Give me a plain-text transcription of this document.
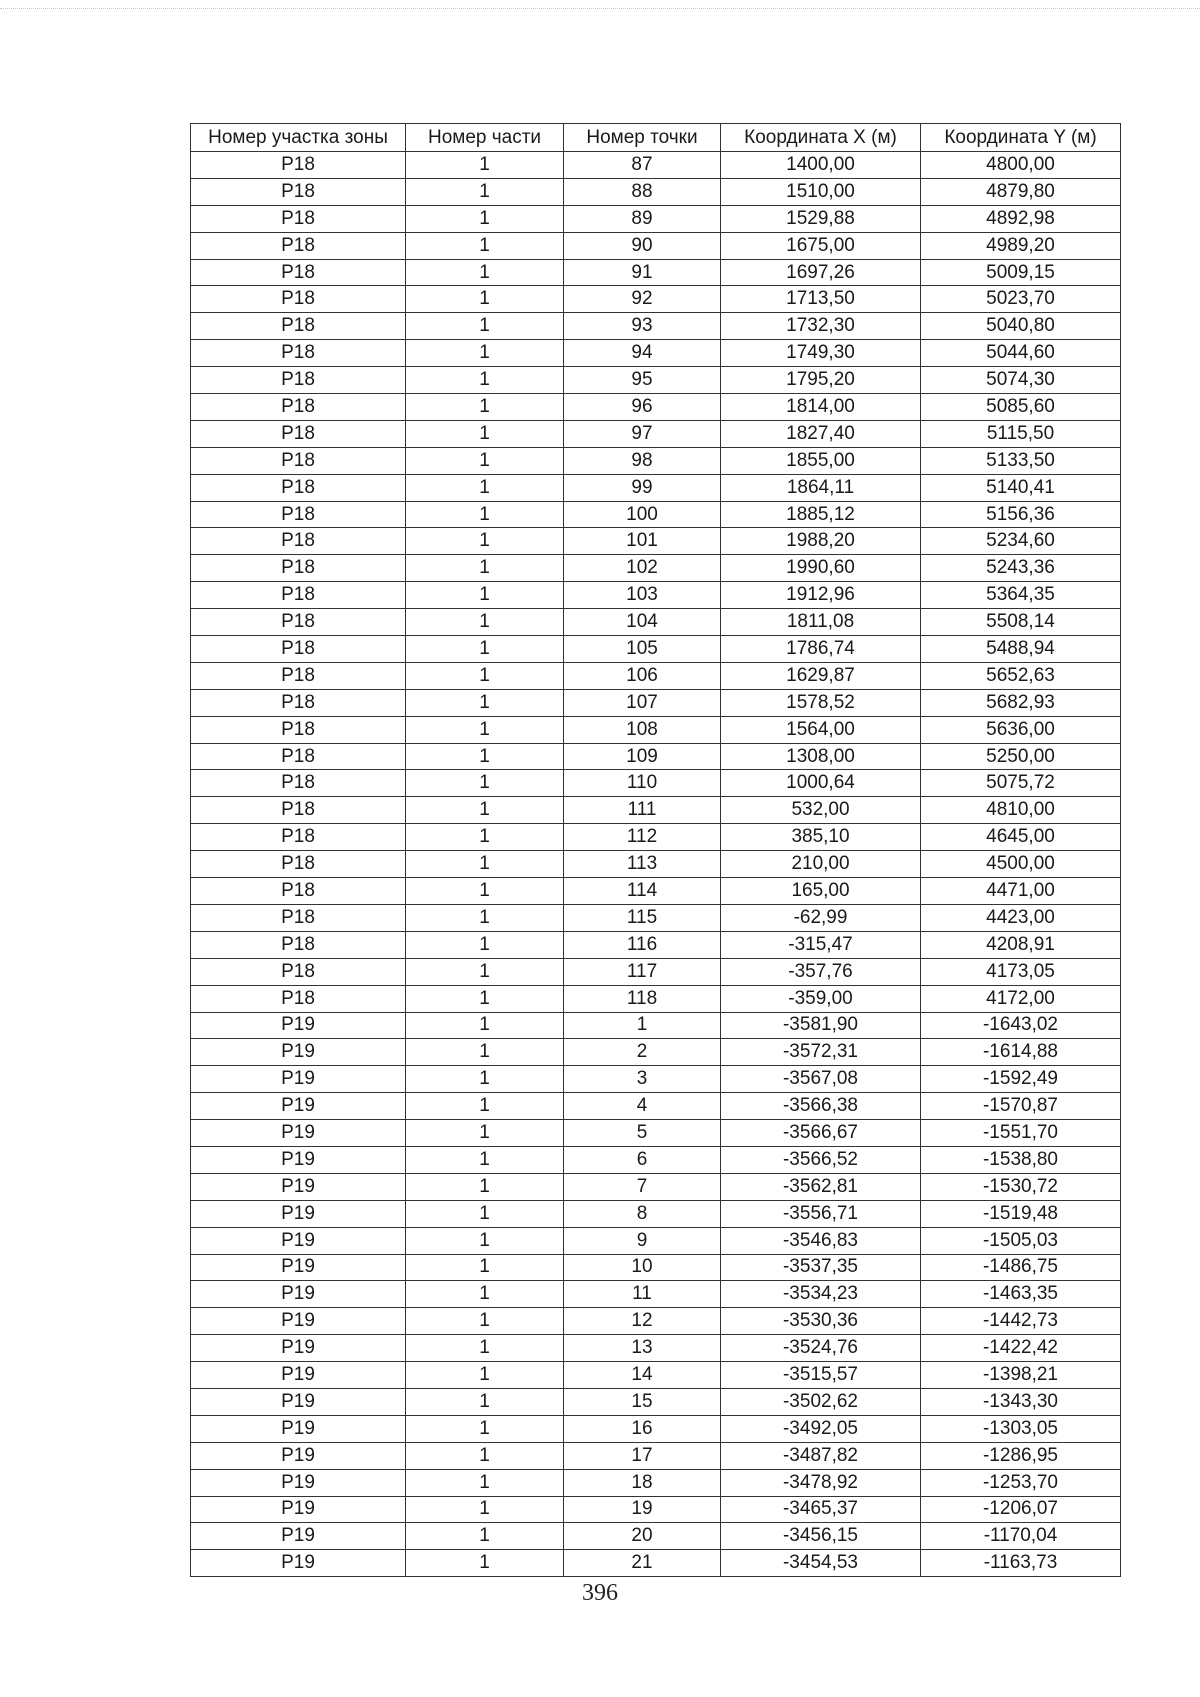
Номер участка зоны	Номер части	Номер точки	Координата X (м)	Координата Y (м)
Р18	1	87	1400,00	4800,00
Р18	1	88	1510,00	4879,80
Р18	1	89	1529,88	4892,98
Р18	1	90	1675,00	4989,20
Р18	1	91	1697,26	5009,15
Р18	1	92	1713,50	5023,70
Р18	1	93	1732,30	5040,80
Р18	1	94	1749,30	5044,60
Р18	1	95	1795,20	5074,30
Р18	1	96	1814,00	5085,60
Р18	1	97	1827,40	5115,50
Р18	1	98	1855,00	5133,50
Р18	1	99	1864,11	5140,41
Р18	1	100	1885,12	5156,36
Р18	1	101	1988,20	5234,60
Р18	1	102	1990,60	5243,36
Р18	1	103	1912,96	5364,35
Р18	1	104	1811,08	5508,14
Р18	1	105	1786,74	5488,94
Р18	1	106	1629,87	5652,63
Р18	1	107	1578,52	5682,93
Р18	1	108	1564,00	5636,00
Р18	1	109	1308,00	5250,00
Р18	1	110	1000,64	5075,72
Р18	1	111	532,00	4810,00
Р18	1	112	385,10	4645,00
Р18	1	113	210,00	4500,00
Р18	1	114	165,00	4471,00
Р18	1	115	-62,99	4423,00
Р18	1	116	-315,47	4208,91
Р18	1	117	-357,76	4173,05
Р18	1	118	-359,00	4172,00
Р19	1	1	-3581,90	-1643,02
Р19	1	2	-3572,31	-1614,88
Р19	1	3	-3567,08	-1592,49
Р19	1	4	-3566,38	-1570,87
Р19	1	5	-3566,67	-1551,70
Р19	1	6	-3566,52	-1538,80
Р19	1	7	-3562,81	-1530,72
Р19	1	8	-3556,71	-1519,48
Р19	1	9	-3546,83	-1505,03
Р19	1	10	-3537,35	-1486,75
Р19	1	11	-3534,23	-1463,35
Р19	1	12	-3530,36	-1442,73
Р19	1	13	-3524,76	-1422,42
Р19	1	14	-3515,57	-1398,21
Р19	1	15	-3502,62	-1343,30
Р19	1	16	-3492,05	-1303,05
Р19	1	17	-3487,82	-1286,95
Р19	1	18	-3478,92	-1253,70
Р19	1	19	-3465,37	-1206,07
Р19	1	20	-3456,15	-1170,04
Р19	1	21	-3454,53	-1163,73
396
